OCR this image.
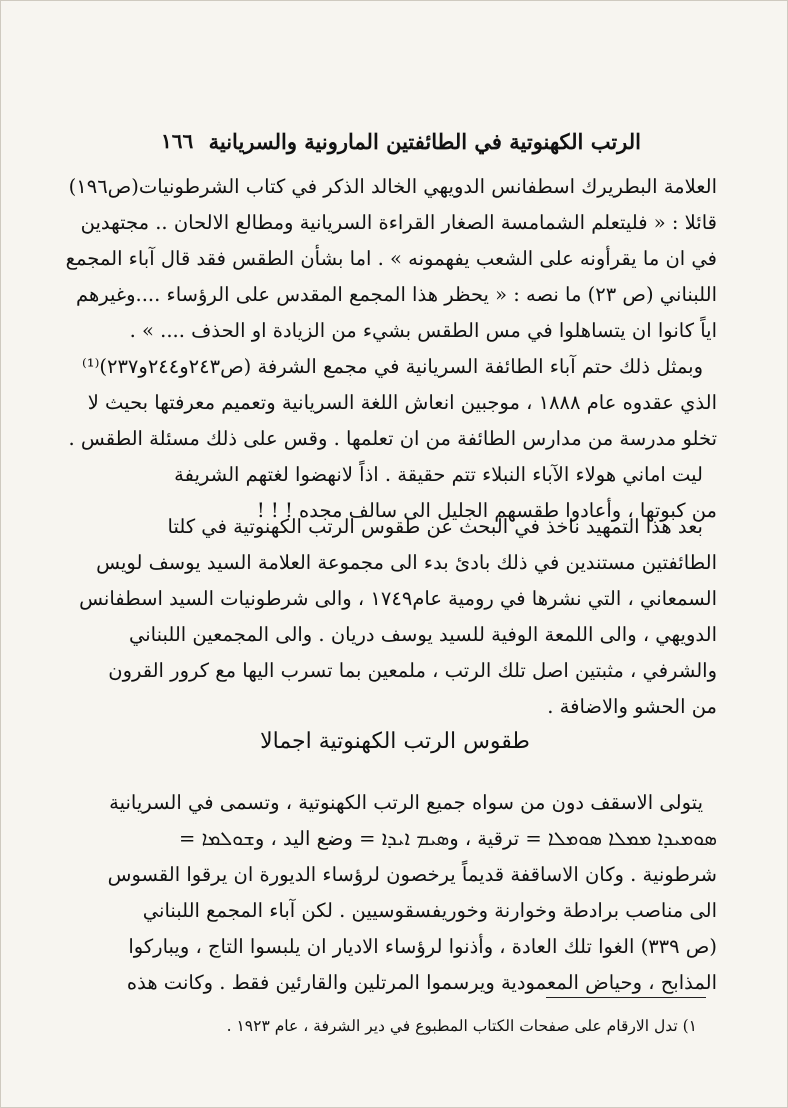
الرتب الكهنوتية في الطائفتين المارونية والسريانية
١٦٦
العلامة البطريرك اسطفانس الدويهي الخالد الذكر في كتاب الشرطونيات(ص١٩٦)
قائلا : « فليتعلم الشمامسة الصغار القراءة السريانية ومطالع الالحان .. مجتهدين
في ان ما يقرأونه على الشعب يفهمونه » . اما بشأن الطقس فقد قال آباء المجمع
اللبناني (ص ٢٣) ما نصه : « يحظر هذا المجمع المقدس على الرؤساء ....وغيرهم
اياً كانوا ان يتساهلوا في مس الطقس بشيء من الزيادة او الحذف .... » .
وبمثل ذلك حتم آباء الطائفة السريانية في مجمع الشرفة (ص٢٤٣و٢٤٤و٢٣٧)⁽¹⁾
الذي عقدوه عام ١٨٨٨ ، موجبين انعاش اللغة السريانية وتعميم معرفتها بحيث لا
تخلو مدرسة من مدارس الطائفة من ان تعلمها . وقس على ذلك مسئلة الطقس .
ليت اماني هولاء الآباء النبلاء تتم حقيقة . اذاً لانهضوا لغتهم الشريفة
من كبوتها ، وأعادوا طقسهم الجليل الى سالف مجده ! ! !
بعد هذا التمهيد ناخذ في البحث عن طقوس الرتب الكهنوتية في كلتا
الطائفتين مستندين في ذلك بادئ بدء الى مجموعة العلامة السيد يوسف لويس
السمعاني ، التي نشرها في رومية عام١٧٤٩ ، والى شرطونيات السيد اسطفانس
الدويهي ، والى اللمعة الوفية للسيد يوسف دريان . والى المجمعين اللبناني
والشرفي ، مثبتين اصل تلك الرتب ، ملمعين بما تسرب اليها مع كرور القرون
من الحشو والاضافة .
طقوس الرتب الكهنوتية اجمالا
يتولى الاسقف دون من سواه جميع الرتب الكهنوتية ، وتسمى في السريانية
ܣܘܡܝܕܐ ܡܡܠܐ ܣܘܡܠܐ = ترقية ، وܣܝܡ ܐܝܕܐ = وضع اليد ، وܫܘܠܡܐ =
شرطونية . وكان الاساقفة قديماً يرخصون لرؤساء الديورة ان يرقوا القسوس
الى مناصب برادطة وخوارنة وخوريفسقوسيين . لكن آباء المجمع اللبناني
(ص ٣٣٩) الغوا تلك العادة ، وأذنوا لرؤساء الاديار ان يلبسوا التاج ، ويباركوا
المذابح ، وحياض المعمودية ويرسموا المرتلين والقارئين فقط . وكانت هذه
١) تدل الارقام على صفحات الكتاب المطبوع في دير الشرفة ، عام ١٩٢٣ .
